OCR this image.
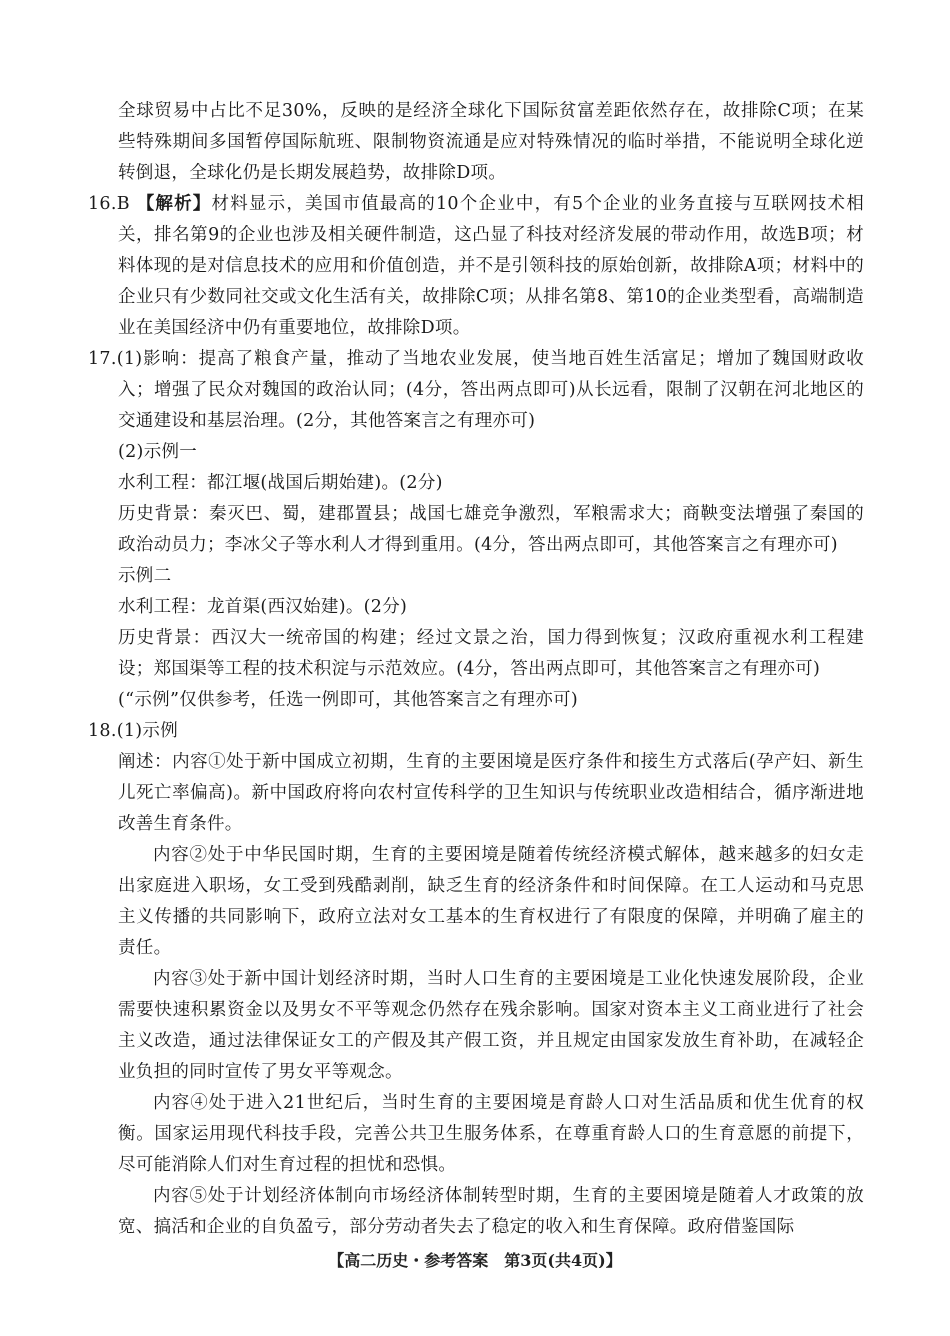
全球贸易中占比不足30%，反映的是经济全球化下国际贫富差距依然存在，故排除C项；在某些特殊期间多国暂停国际航班、限制物资流通是应对特殊情况的临时举措，不能说明全球化逆转倒退，全球化仍是长期发展趋势，故排除D项。

16.B 【解析】材料显示，美国市值最高的10个企业中，有5个企业的业务直接与互联网技术相关，排名第9的企业也涉及相关硬件制造，这凸显了科技对经济发展的带动作用，故选B项；材料体现的是对信息技术的应用和价值创造，并不是引领科技的原始创新，故排除A项；材料中的企业只有少数同社交或文化生活有关，故排除C项；从排名第8、第10的企业类型看，高端制造业在美国经济中仍有重要地位，故排除D项。

17.(1)影响：提高了粮食产量，推动了当地农业发展，使当地百姓生活富足；增加了魏国财政收入；增强了民众对魏国的政治认同；(4分，答出两点即可)从长远看，限制了汉朝在河北地区的交通建设和基层治理。(2分，其他答案言之有理亦可)

(2)示例一

水利工程：都江堰(战国后期始建)。(2分)

历史背景：秦灭巴、蜀，建郡置县；战国七雄竞争激烈，军粮需求大；商鞅变法增强了秦国的政治动员力；李冰父子等水利人才得到重用。(4分，答出两点即可，其他答案言之有理亦可)

示例二

水利工程：龙首渠(西汉始建)。(2分)

历史背景：西汉大一统帝国的构建；经过文景之治，国力得到恢复；汉政府重视水利工程建设；郑国渠等工程的技术积淀与示范效应。(4分，答出两点即可，其他答案言之有理亦可)

(“示例”仅供参考，任选一例即可，其他答案言之有理亦可)

18.(1)示例

阐述：内容①处于新中国成立初期，生育的主要困境是医疗条件和接生方式落后(孕产妇、新生儿死亡率偏高)。新中国政府将向农村宣传科学的卫生知识与传统职业改造相结合，循序渐进地改善生育条件。

内容②处于中华民国时期，生育的主要困境是随着传统经济模式解体，越来越多的妇女走出家庭进入职场，女工受到残酷剥削，缺乏生育的经济条件和时间保障。在工人运动和马克思主义传播的共同影响下，政府立法对女工基本的生育权进行了有限度的保障，并明确了雇主的责任。

内容③处于新中国计划经济时期，当时人口生育的主要困境是工业化快速发展阶段，企业需要快速积累资金以及男女不平等观念仍然存在残余影响。国家对资本主义工商业进行了社会主义改造，通过法律保证女工的产假及其产假工资，并且规定由国家发放生育补助，在减轻企业负担的同时宣传了男女平等观念。

内容④处于进入21世纪后，当时生育的主要困境是育龄人口对生活品质和优生优育的权衡。国家运用现代科技手段，完善公共卫生服务体系，在尊重育龄人口的生育意愿的前提下，尽可能消除人们对生育过程的担忧和恐惧。

内容⑤处于计划经济体制向市场经济体制转型时期，生育的主要困境是随着人才政策的放宽、搞活和企业的自负盈亏，部分劳动者失去了稳定的收入和生育保障。政府借鉴国际

【高二历史・参考答案　第3页(共4页)】
